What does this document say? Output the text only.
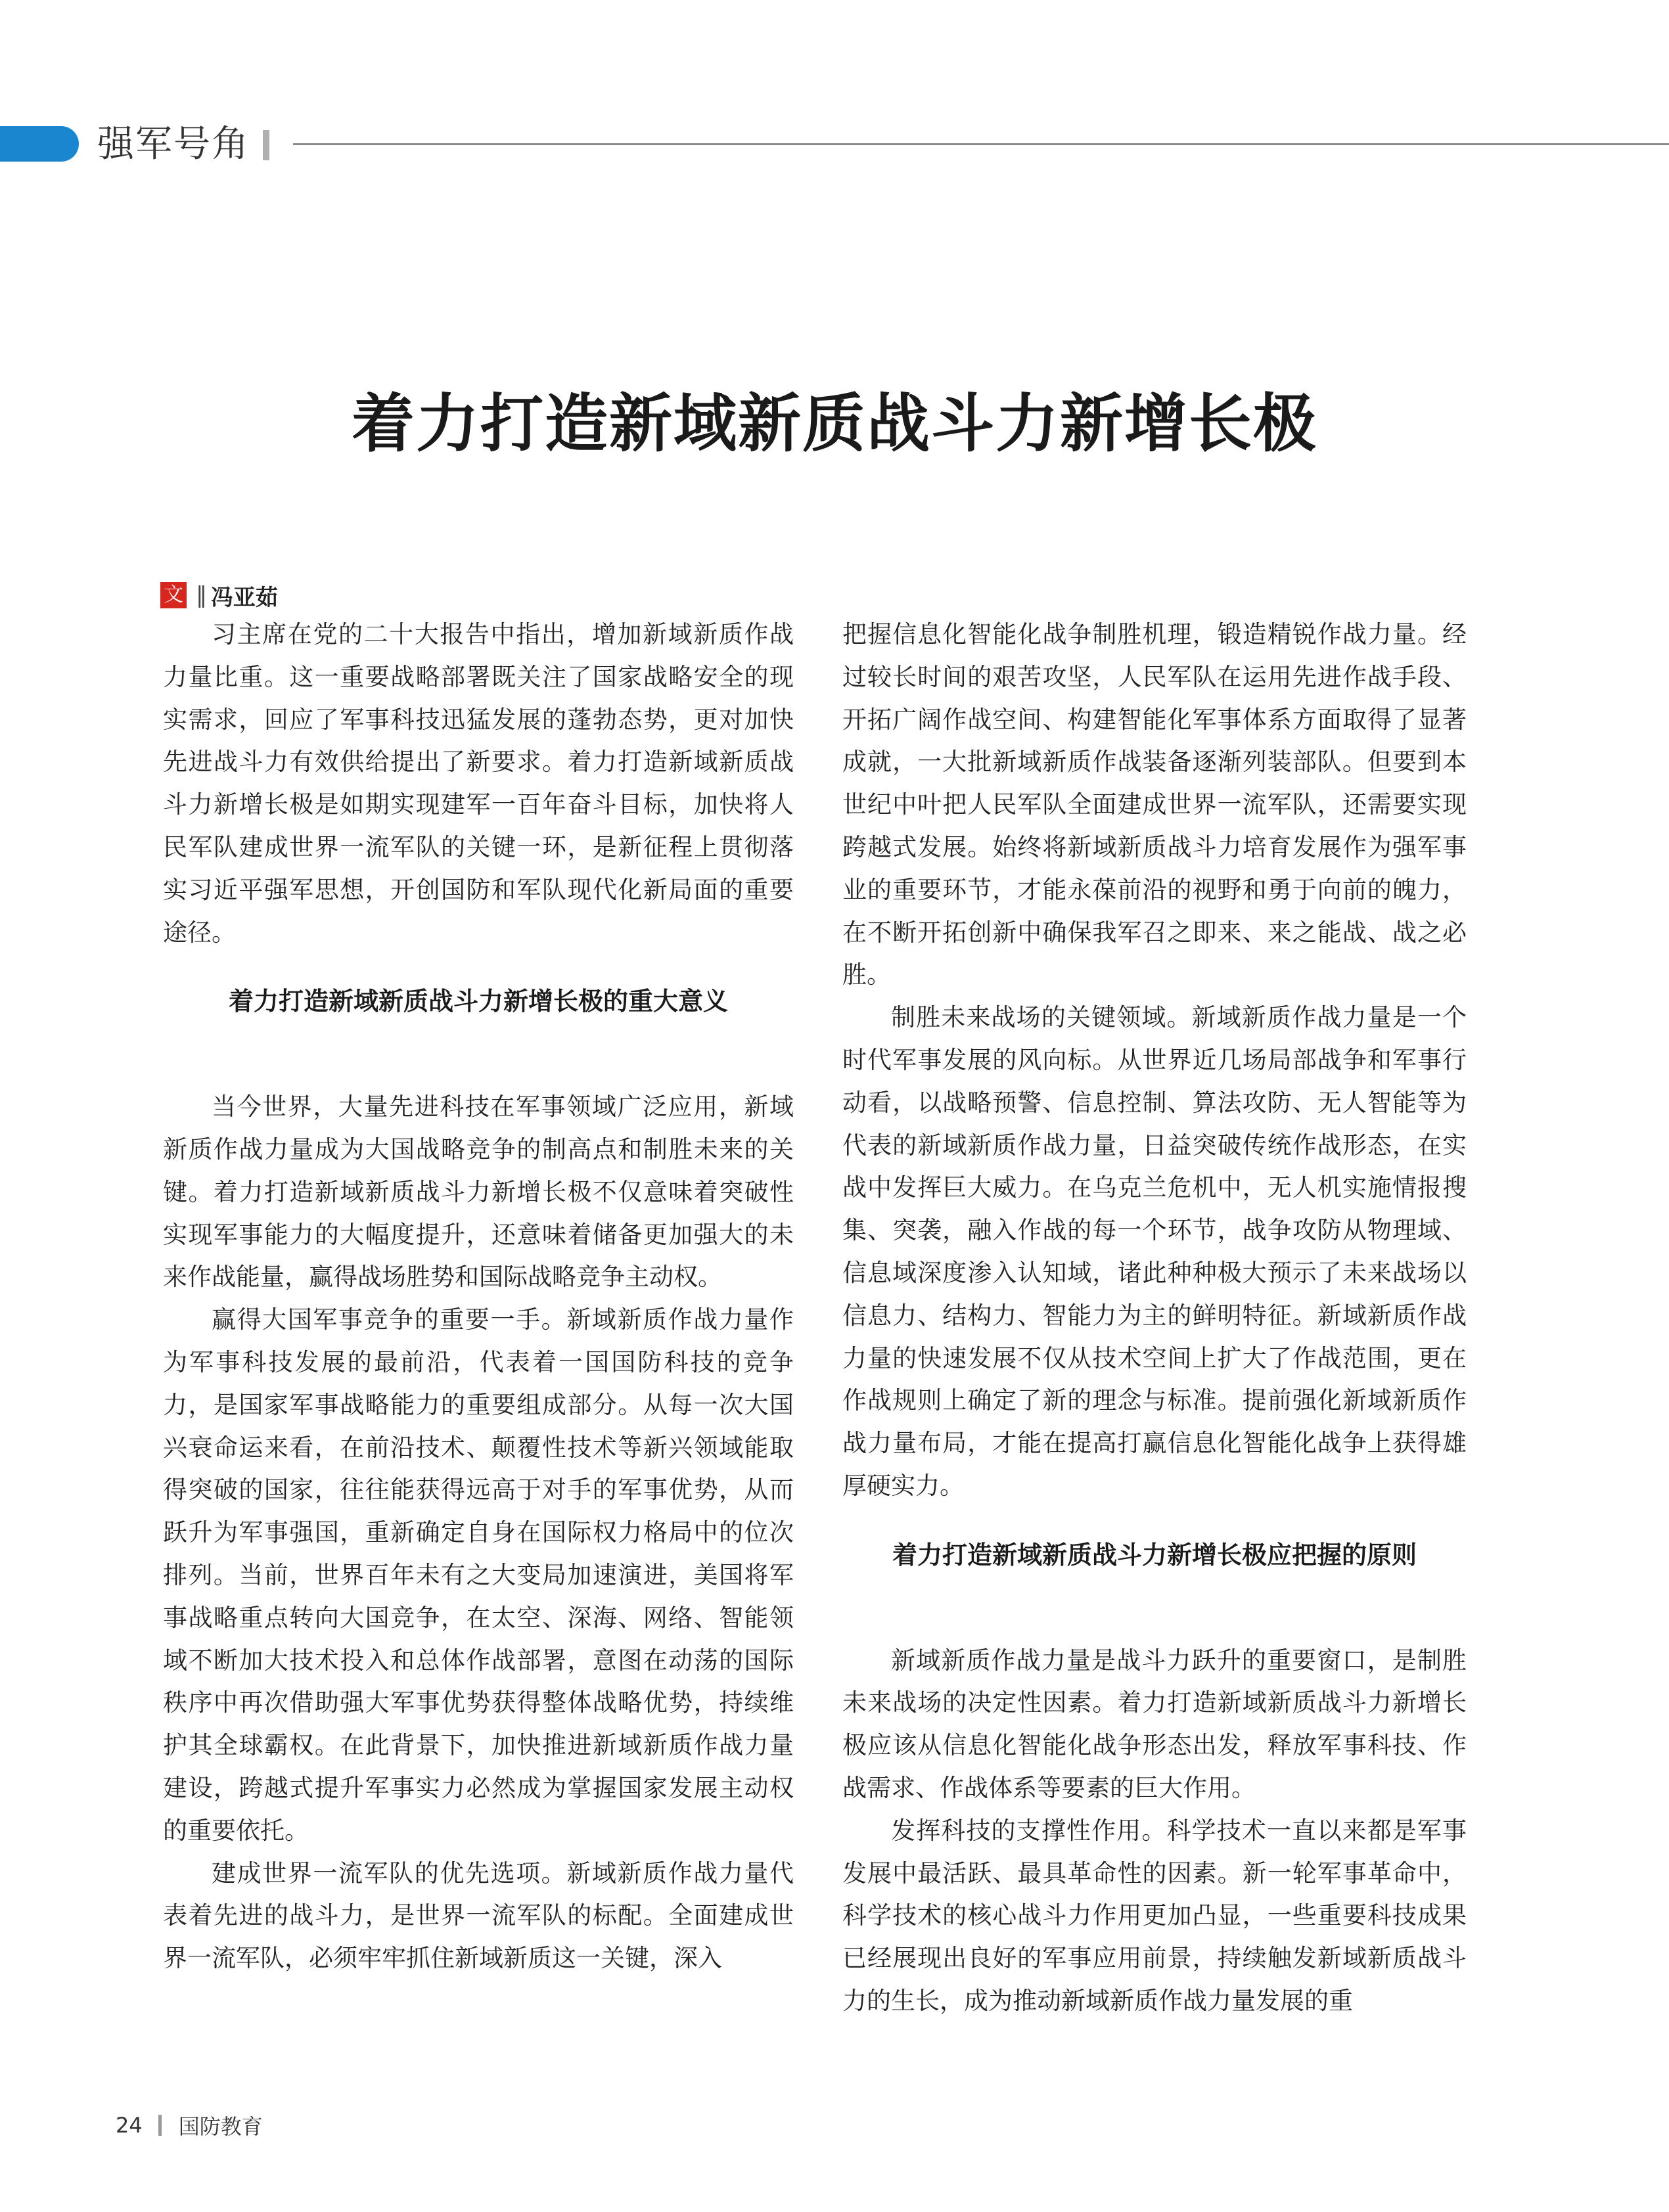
强军号角
着力打造新域新质战斗力新增长极
文 || 冯亚茹

习主席在党的二十大报告中指出，增加新域新质作战力量比重。这一重要战略部署既关注了国家战略安全的现实需求，回应了军事科技迅猛发展的蓬勃态势，更对加快先进战斗力有效供给提出了新要求。着力打造新域新质战斗力新增长极是如期实现建军一百年奋斗目标，加快将人民军队建成世界一流军队的关键一环，是新征程上贯彻落实习近平强军思想，开创国防和军队现代化新局面的重要途径。

着力打造新域新质战斗力新增长极的重大意义

当今世界，大量先进科技在军事领域广泛应用，新域新质作战力量成为大国战略竞争的制高点和制胜未来的关键。着力打造新域新质战斗力新增长极不仅意味着突破性实现军事能力的大幅度提升，还意味着储备更加强大的未来作战能量，赢得战场胜势和国际战略竞争主动权。

赢得大国军事竞争的重要一手。新域新质作战力量作为军事科技发展的最前沿，代表着一国国防科技的竞争力，是国家军事战略能力的重要组成部分。从每一次大国兴衰命运来看，在前沿技术、颠覆性技术等新兴领域能取得突破的国家，往往能获得远高于对手的军事优势，从而跃升为军事强国，重新确定自身在国际权力格局中的位次排列。当前，世界百年未有之大变局加速演进，美国将军事战略重点转向大国竞争，在太空、深海、网络、智能领域不断加大技术投入和总体作战部署，意图在动荡的国际秩序中再次借助强大军事优势获得整体战略优势，持续维护其全球霸权。在此背景下，加快推进新域新质作战力量建设，跨越式提升军事实力必然成为掌握国家发展主动权的重要依托。

建成世界一流军队的优先选项。新域新质作战力量代表着先进的战斗力，是世界一流军队的标配。全面建成世界一流军队，必须牢牢抓住新域新质这一关键，深入

把握信息化智能化战争制胜机理，锻造精锐作战力量。经过较长时间的艰苦攻坚，人民军队在运用先进作战手段、开拓广阔作战空间、构建智能化军事体系方面取得了显著成就，一大批新域新质作战装备逐渐列装部队。但要到本世纪中叶把人民军队全面建成世界一流军队，还需要实现跨越式发展。始终将新域新质战斗力培育发展作为强军事业的重要环节，才能永葆前沿的视野和勇于向前的魄力，在不断开拓创新中确保我军召之即来、来之能战、战之必胜。

制胜未来战场的关键领域。新域新质作战力量是一个时代军事发展的风向标。从世界近几场局部战争和军事行动看，以战略预警、信息控制、算法攻防、无人智能等为代表的新域新质作战力量，日益突破传统作战形态，在实战中发挥巨大威力。在乌克兰危机中，无人机实施情报搜集、突袭，融入作战的每一个环节，战争攻防从物理域、信息域深度渗入认知域，诸此种种极大预示了未来战场以信息力、结构力、智能力为主的鲜明特征。新域新质作战力量的快速发展不仅从技术空间上扩大了作战范围，更在作战规则上确定了新的理念与标准。提前强化新域新质作战力量布局，才能在提高打赢信息化智能化战争上获得雄厚硬实力。

着力打造新域新质战斗力新增长极应把握的原则

新域新质作战力量是战斗力跃升的重要窗口，是制胜未来战场的决定性因素。着力打造新域新质战斗力新增长极应该从信息化智能化战争形态出发，释放军事科技、作战需求、作战体系等要素的巨大作用。

发挥科技的支撑性作用。科学技术一直以来都是军事发展中最活跃、最具革命性的因素。新一轮军事革命中，科学技术的核心战斗力作用更加凸显，一些重要科技成果已经展现出良好的军事应用前景，持续触发新域新质战斗力的生长，成为推动新域新质作战力量发展的重

24 国防教育
